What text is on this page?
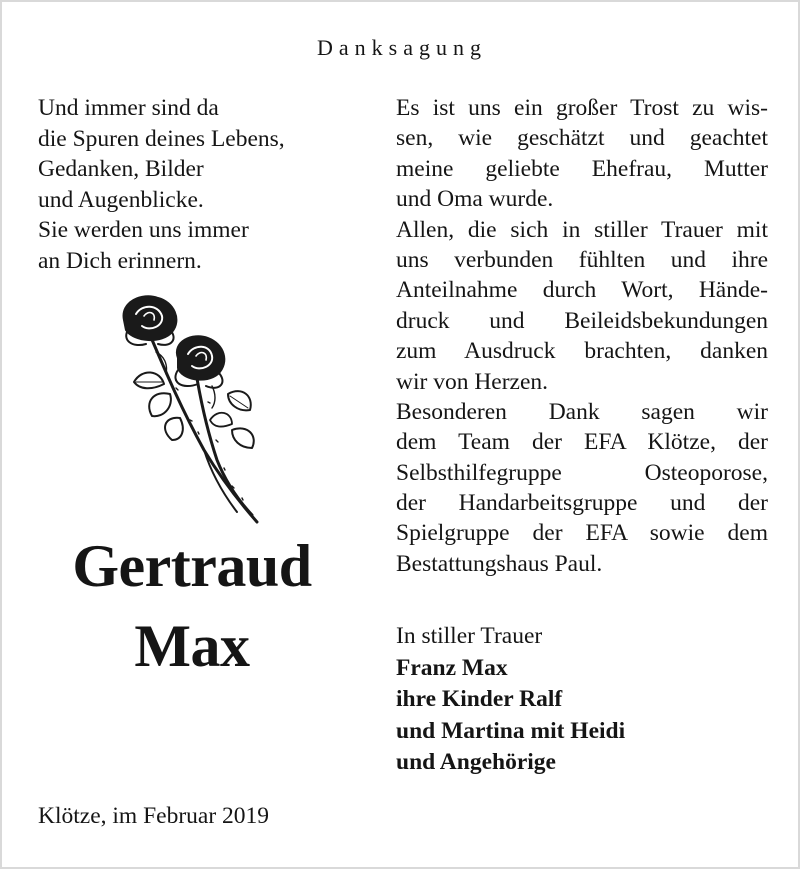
Danksagung
Und immer sind da
die Spuren deines Lebens,
Gedanken, Bilder
und Augenblicke.
Sie werden uns immer
an Dich erinnern.
Gertraud
Max
Es ist uns ein großer Trost zu wis-
sen, wie geschätzt und geachtet
meine geliebte Ehefrau, Mutter
und Oma wurde.
Allen, die sich in stiller Trauer mit
uns verbunden fühlten und ihre
Anteilnahme durch Wort, Hände-
druck und Beileidsbekundungen
zum Ausdruck brachten, danken
wir von Herzen.
Besonderen Dank sagen wir
dem Team der EFA Klötze, der
Selbsthilfegruppe Osteoporose,
der Handarbeitsgruppe und der
Spielgruppe der EFA sowie dem
Bestattungshaus Paul.
In stiller Trauer
Franz Max
ihre Kinder Ralf
und Martina mit Heidi
und Angehörige
Klötze, im Februar 2019
